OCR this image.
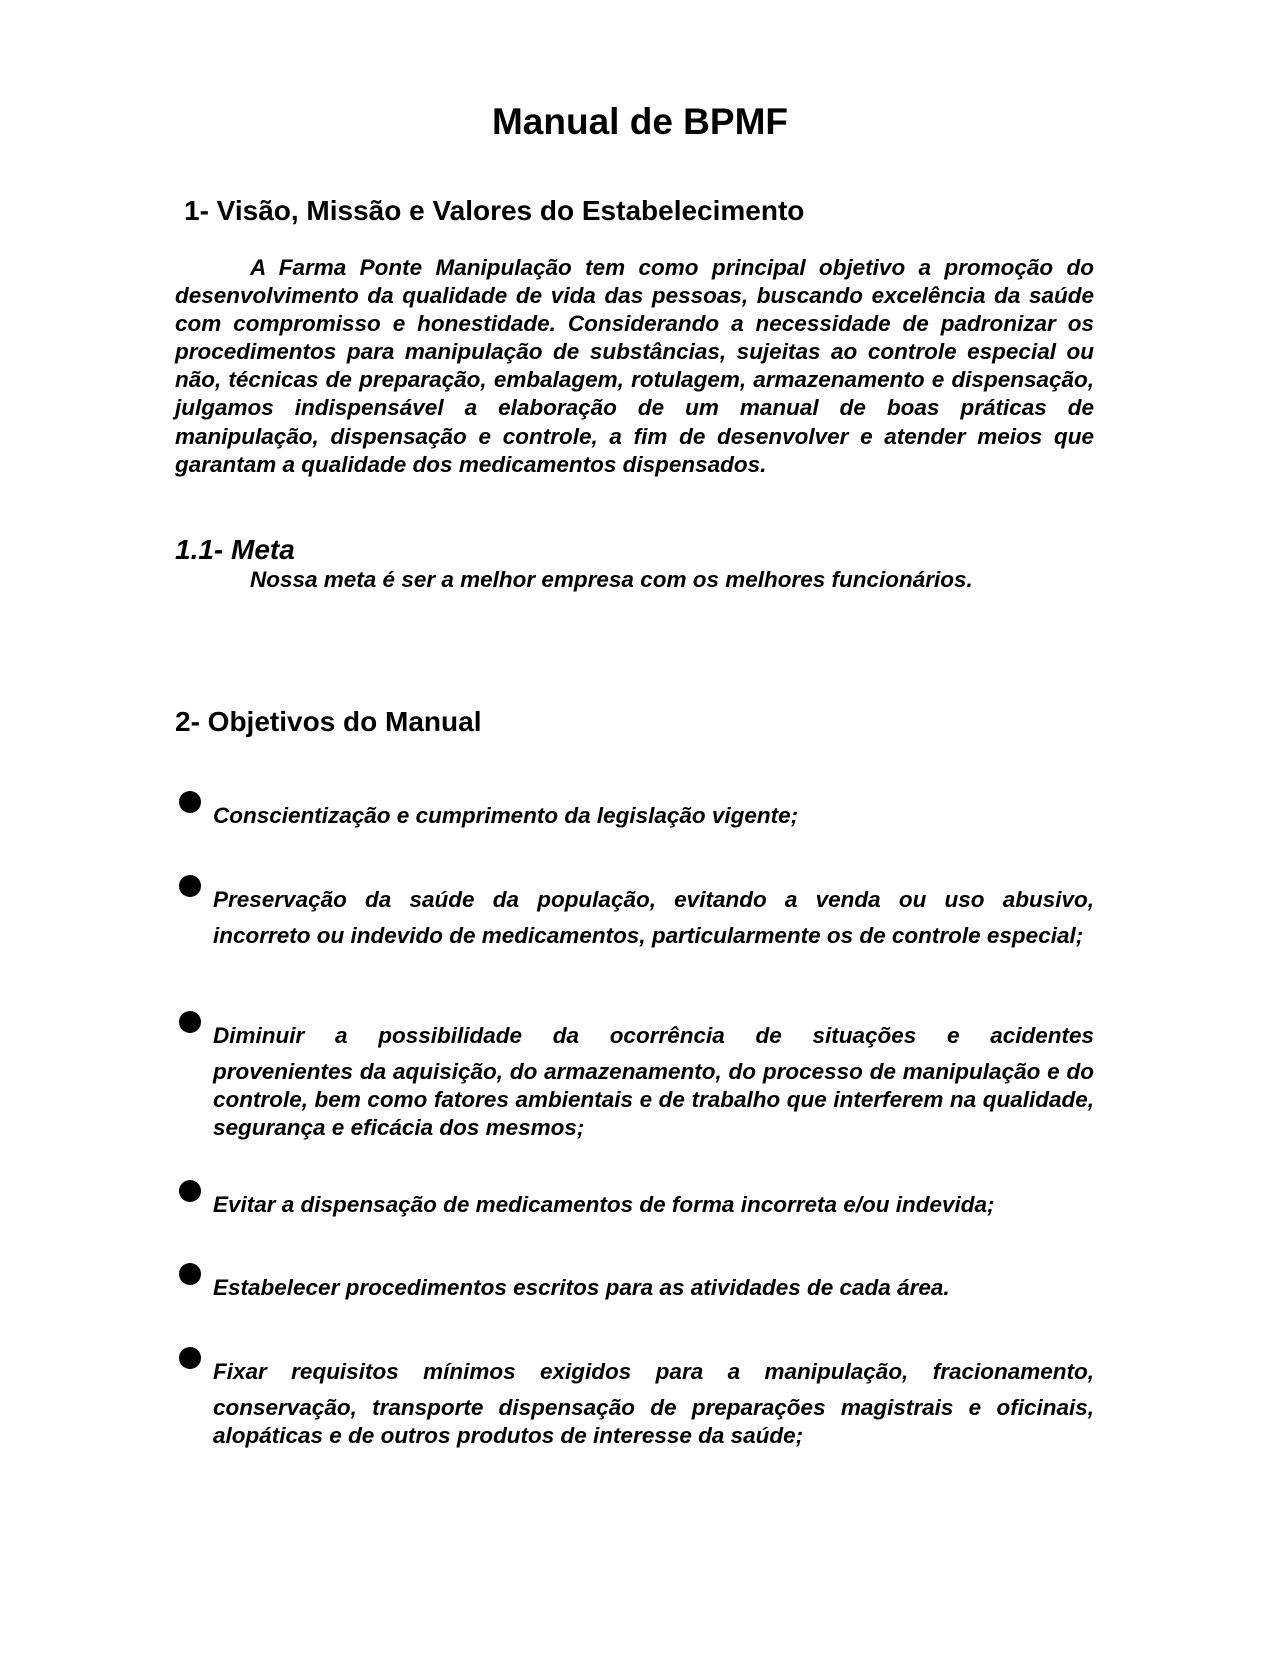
Manual de BPMF
1- Visão, Missão e Valores do Estabelecimento

A Farma Ponte Manipulação tem como principal objetivo a promoção do desenvolvimento da qualidade de vida das pessoas, buscando excelência da saúde com compromisso e honestidade. Considerando a necessidade de padronizar os procedimentos para manipulação de substâncias, sujeitas ao controle especial ou não, técnicas de preparação, embalagem, rotulagem, armazenamento e dispensação, julgamos indispensável a elaboração de um manual de boas práticas de manipulação, dispensação e controle, a fim de desenvolver e atender meios que garantam a qualidade dos medicamentos dispensados.

1.1- Meta
Nossa meta é ser a melhor empresa com os melhores funcionários.
2- Objetivos do Manual
Conscientização e cumprimento da legislação vigente;
Preservação da saúde da população, evitando a venda ou uso abusivo,
incorreto ou indevido de medicamentos, particularmente os de controle especial;
Diminuir a possibilidade da ocorrência de situações e acidentes
provenientes da aquisição, do armazenamento, do processo de manipulação e do controle, bem como fatores ambientais e de trabalho que interferem na qualidade, segurança e eficácia dos mesmos;
Evitar a dispensação de medicamentos de forma incorreta e/ou indevida;
Estabelecer procedimentos escritos para as atividades de cada área.
Fixar requisitos mínimos exigidos para a manipulação, fracionamento,
conservação, transporte dispensação de preparações magistrais e oficinais, alopáticas e de outros produtos de interesse da saúde;
